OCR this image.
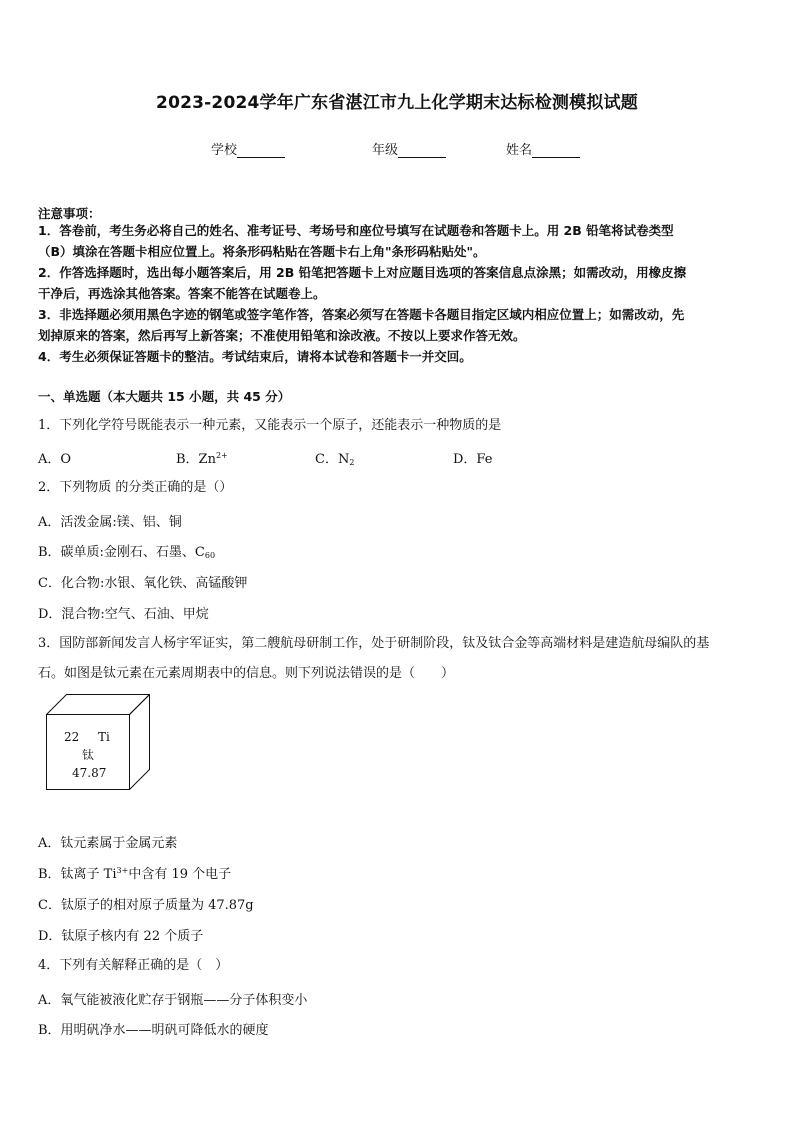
2023-2024学年广东省湛江市九上化学期末达标检测模拟试题
学校	年级	姓名
注意事项：
1．答卷前，考生务必将自己的姓名、准考证号、考场号和座位号填写在试题卷和答题卡上。用 2B 铅笔将试卷类型
（B）填涂在答题卡相应位置上。将条形码粘贴在答题卡右上角"条形码粘贴处"。
2．作答选择题时，选出每小题答案后，用 2B 铅笔把答题卡上对应题目选项的答案信息点涂黑；如需改动，用橡皮擦
干净后，再选涂其他答案。答案不能答在试题卷上。
3．非选择题必须用黑色字迹的钢笔或签字笔作答，答案必须写在答题卡各题目指定区域内相应位置上；如需改动，先
划掉原来的答案，然后再写上新答案；不准使用铅笔和涂改液。不按以上要求作答无效。
4．考生必须保证答题卡的整洁。考试结束后，请将本试卷和答题卡一并交回。
一、单选题（本大题共 15 小题，共 45 分）
1．下列化学符号既能表示一种元素，又能表示一个原子，还能表示一种物质的是
A．O	B．$Zn^{2+}$	C．$N_2$	D．Fe
2．下列物质 的分类正确的是（）
A．活泼金属:镁、铝、铜
B．碳单质:金刚石、石墨、$C_{60}$
C．化合物:水银、氧化铁、高锰酸钾
D．混合物:空气、石油、甲烷
3．国防部新闻发言人杨宇军证实，第二艘航母研制工作，处于研制阶段，钛及钛合金等高端材料是建造航母编队的基
石。如图是钛元素在元素周期表中的信息。则下列说法错误的是（　　）
22 Ti
钛
47.87
A．钛元素属于金属元素
B．钛离子 $Ti^{3+}$中含有 19 个电子
C．钛原子的相对原子质量为 47.87g
D．钛原子核内有 22 个质子
4．下列有关解释正确的是（　）
A．氧气能被液化贮存于钢瓶——分子体积变小
B．用明矾净水——明矾可降低水的硬度
